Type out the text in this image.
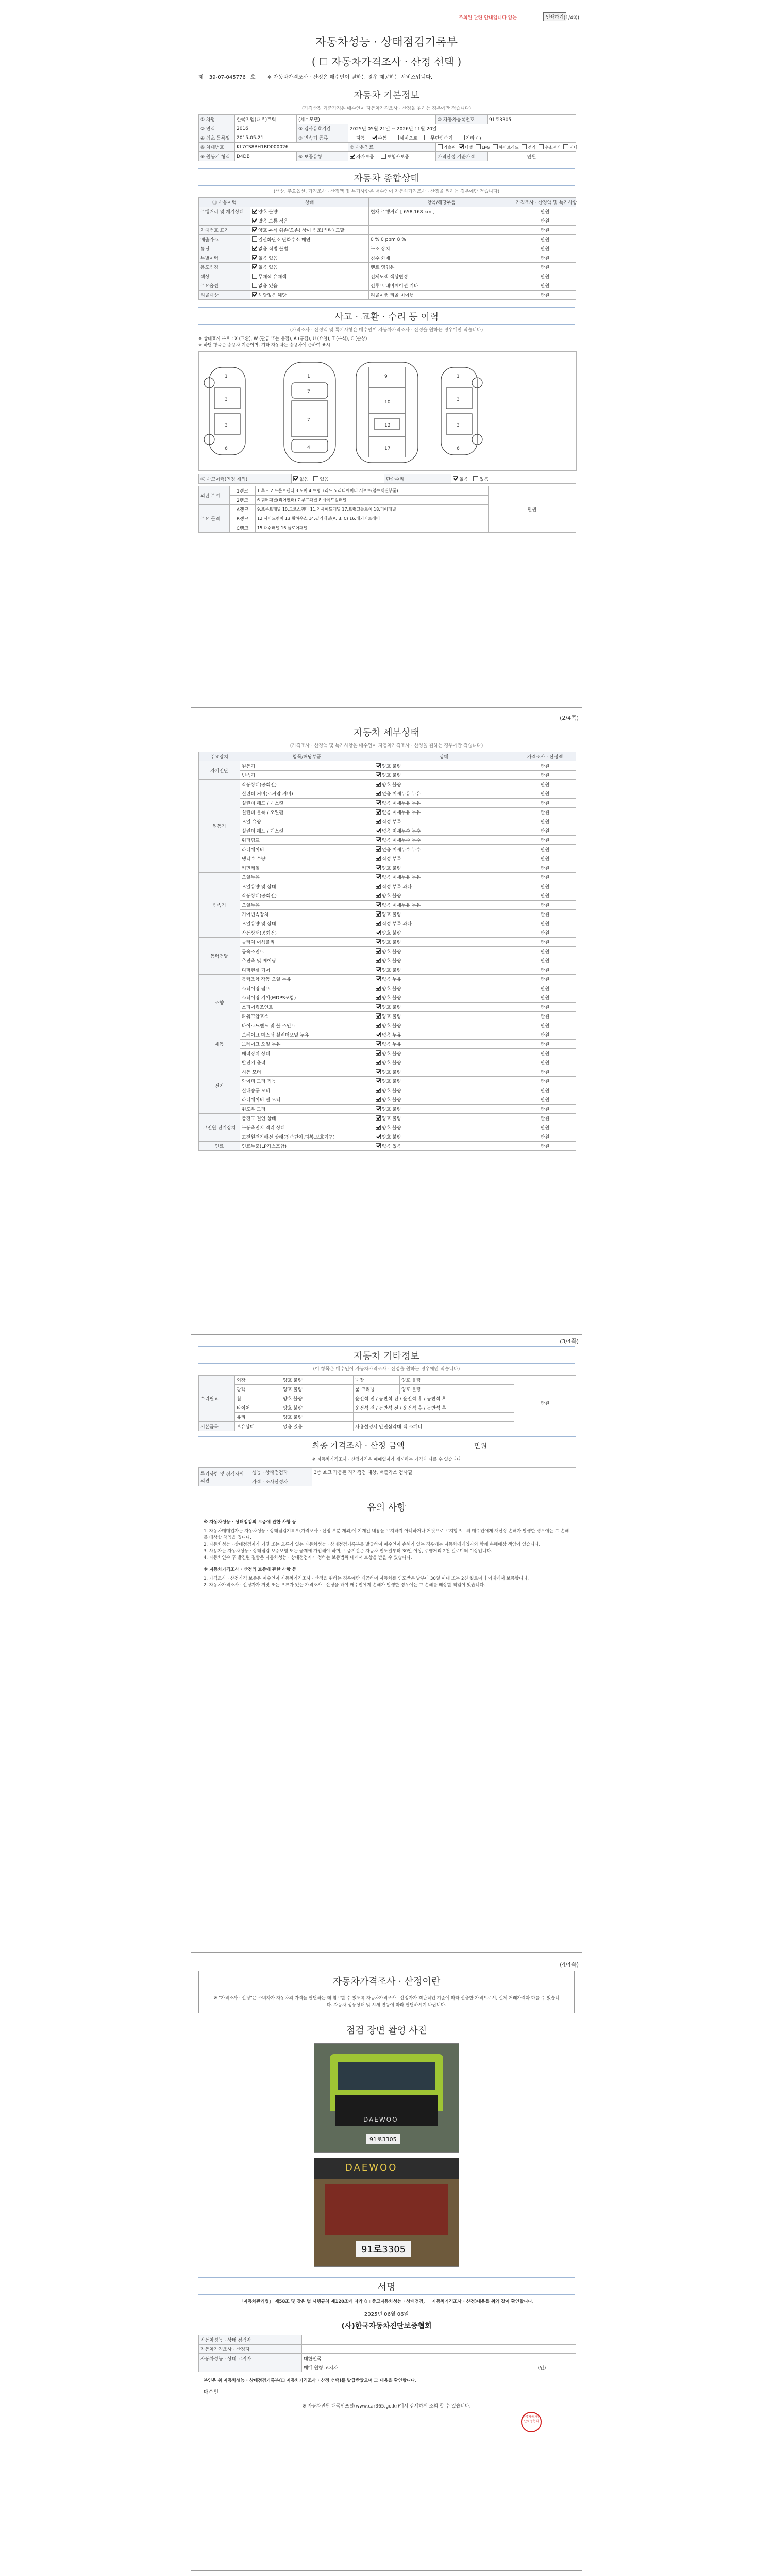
조회된 관련 안내입니다 없는	인쇄하기 (1/4쪽)
자동차성능 · 상태점검기록부
( ☐ 자동차가격조사 · 산정 선택 )
제 39-07-045776 호 ※ 자동차가격조사 · 산정은 매수인이 원하는 경우 제공하는 서비스입니다.
자동차 기본정보
(가격산정 기준가격은 매수인이 자동차가격조사 · 산정을 원하는 경우에만 적습니다)
① 차명	한국지엠(대우)트럭	(세부모델)		⑩ 자동차등록번호	91로3305
② 연식	2016	③ 검사유효기간	2025년 05월 21일 ~ 2026년 11월 20일		
④ 최초 등록일	2015-05-21	⑤ 변속기 종류	자동 수동 세미오토 무단변속기 기타 ( )		
⑥ 차대번호	KL7CS8BH1BD000026		⑦ 사용연료	가솔린 디젤 LPG 하이브리드 전기 수소전기 기타	
⑧ 원동기 형식	D4DB	⑨ 보증유형	자가보증 보험사보증	가격산정 기준가격	만원
자동차 종합상태
(색상, 주요옵션, 가격조사 · 산정액 및 특기사항은 매수인이 자동차가격조사 · 산정을 원하는 경우에만 적습니다)
⑪ 사용이력	상태	항목/해당부품	가격조사 · 산정액 및 특기사항
주행거리 및 계기상태	양호 불량	현재 주행거리 [ 658,168 km ]	만원
	많음 보통 적음		만원
차대번호 표기	양호 부식 훼손(오손) 상이 변조(변타) 도말		만원
배출가스	일산화탄소 탄화수소 매연	0 % 0 ppm 8 %	만원
튜닝	없음 적법 불법	구조 장치	만원
특별이력	없음 있음	침수 화재	만원
용도변경	없음 있음	렌트 영업용	만원
색상	무채색 유채색	전체도색 색상변경	만원
주요옵션	없음 있음	선루프 내비게이션 기타	만원
리콜대상	해당없음 해당	리콜이행 리콜 미이행	만원
사고 · 교환 · 수리 등 이력
(가격조사 · 산정액 및 특기사항은 매수인이 자동차가격조사 · 산정을 원하는 경우에만 적습니다)
※ 상태표시 부호 : X (교환), W (판금 또는 용접), A (흠집), U (요철), T (부식), C (손상)
※ 하단 항목은 승용차 기준이며, 기타 자동차는 승용차에 준하여 표시
1
3
3
6
1
7
7
4
9
10
12
17
1
3
3
6
⑫ 사고이력(인정 제외)	없음 있음	단순수리	없음 있음
외판 부위	1랭크	1.후드 2.프론트펜더 3.도어 4.트렁크리드 5.라디에이터 서포트(볼트체결부품)	만원
	2랭크	6.쿼터패널(리어펜더) 7.루프패널 8.사이드실패널	
주요 골격	A랭크	9.프론트패널 10.크로스멤버 11.인사이드패널 17.트렁크플로어 18.리어패널	
	B랭크	12.사이드멤버 13.휠하우스 14.필러패널(A, B, C) 16.패키지트레이	
	C랭크	15.대쉬패널 16.플로어패널	
(2/4쪽)
자동차 세부상태
(가격조사 · 산정액 및 특기사항은 매수인이 자동차가격조사 · 산정을 원하는 경우에만 적습니다)
주요장치	항목/해당부품	상태	가격조사 · 산정액
자기진단	원동기	양호 불량	만원
	변속기	양호 불량	만원
원동기	작동상태(공회전)	양호 불량	만원
	실린더 커버(로커암 커버)	없음 미세누유 누유	만원
	실린더 헤드 / 개스킷	없음 미세누유 누유	만원
	실린더 블록 / 오일팬	없음 미세누유 누유	만원
	오일 유량	적정 부족	만원
	실린더 헤드 / 개스킷	없음 미세누수 누수	만원
	워터펌프	없음 미세누수 누수	만원
	라디에이터	없음 미세누수 누수	만원
	냉각수 수량	적정 부족	만원
	커먼레일	양호 불량	만원
변속기	오일누유	없음 미세누유 누유	만원
	오일유량 및 상태	적정 부족 과다	만원
	작동상태(공회전)	양호 불량	만원
	오일누유	없음 미세누유 누유	만원
	기어변속장치	양호 불량	만원
	오일유량 및 상태	적정 부족 과다	만원
	작동상태(공회전)	양호 불량	만원
동력전달	클러치 어셈블리	양호 불량	만원
	등속조인트	양호 불량	만원
	추진축 및 베어링	양호 불량	만원
	디퍼렌셜 기어	양호 불량	만원
조향	동력조향 작동 오일 누유	없음 누유	만원
	스티어링 펌프	양호 불량	만원
	스티어링 기어(MDPS포함)	양호 불량	만원
	스티어링조인트	양호 불량	만원
	파워고압호스	양호 불량	만원
	타이로드엔드 및 볼 조인트	양호 불량	만원
제동	브레이크 마스터 실린더오일 누유	없음 누유	만원
	브레이크 오일 누유	없음 누유	만원
	배력장치 상태	양호 불량	만원
전기	발전기 출력	양호 불량	만원
	시동 모터	양호 불량	만원
	와이퍼 모터 기능	양호 불량	만원
	실내송풍 모터	양호 불량	만원
	라디에이터 팬 모터	양호 불량	만원
	윈도우 모터	양호 불량	만원
고전원 전기장치	충전구 절연 상태	양호 불량	만원
	구동축전지 격리 상태	양호 불량	만원
	고전원전기배선 상태(접속단자,피복,보호기구)	양호 불량	만원
연료	연료누출(LP가스포함)	없음 있음	만원
(3/4쪽)
자동차 기타정보
(이 항목은 매수인이 자동차가격조사 · 산정을 원하는 경우에만 적습니다)
수리필요	외장	양호 불량	내장	양호 불량	만원
	광택	양호 불량	룸 크리닝	양호 불량	
	휠	양호 불량	운전석 전 / 동반석 전 / 운전석 후 / 동반석 후		
	타이어	양호 불량	운전석 전 / 동반석 전 / 운전석 후 / 동반석 후		
	유리	양호 불량			
기본품목	보유상태	없음 있음	사용설명서 안전삼각대 잭 스패너		
최종 가격조사 · 산정 금액	만원
※ 자동차가격조사 · 산정가격은 매매업자가 제시하는 가격과 다를 수 있습니다
특기사항 및 점검자의 의견	성능 · 상태점검자	3종 쇼크 가동된 자가점검 대상, 배출가스 검사필
	가격 · 조사산정자	
유의 사항
※ 자동차성능 · 상태점검의 보증에 관한 사항 등
1. 자동차매매업자는 자동차성능 · 상태점검기록부(가격조사 · 산정 부분 제외)에 기재된 내용을 고지하지 아니하거나 거짓으로 고지함으로써 매수인에게 재산상 손해가 발생한 경우에는 그 손해를 배상할 책임을 집니다.
2. 자동차성능 · 상태점검자가 거짓 또는 오류가 있는 자동차성능 · 상태점검기록부를 발급하여 매수인이 손해가 있는 경우에는 자동차매매업자와 함께 손해배상 책임이 있습니다.
3. 사용자는 자동차성능 · 상태점검 보증보험 또는 공제에 가입해야 하며, 보증기간은 자동차 인도일부터 30일 이상, 주행거리 2천 킬로미터 이상입니다.
4. 자동차인수 후 발견된 결함은 자동차성능 · 상태점검자가 정하는 보증범위 내에서 보상을 받을 수 있습니다.
※ 자동차가격조사 · 산정의 보증에 관한 사항 등
1. 가격조사 · 산정가격 보증은 매수인이 자동차가격조사 · 산정을 원하는 경우에만 제공하며 자동차를 인도받은 날부터 30일 이내 또는 2천 킬로미터 이내에서 보증합니다.
2. 자동차가격조사 · 산정자가 거짓 또는 오류가 있는 가격조사 · 산정을 하여 매수인에게 손해가 발생한 경우에는 그 손해를 배상할 책임이 있습니다.
(4/4쪽)
자동차가격조사 · 산정이란
※ "가격조사 · 산정"은 소비자가 자동차의 가격을 판단하는 데 참고할 수 있도록 자동차가격조사 · 산정자가 객관적인 기준에 따라 산출한 가격으로서, 실제 거래가격과 다를 수 있습니다. 자동차 성능상태 및 시세 변동에 따라 판단하시기 바랍니다.
점검 장면 촬영 사진
DAEWOO
91로3305
DAEWOO
91로3305
서명
「자동차관리법」 제58조 및 같은 법 시행규칙 제120조에 따라 (□ 중고자동차성능 · 상태점검, □ 자동차가격조사 · 산정)내용을 위와 같이 확인합니다.
2025년 06월 06일
(사)한국자동차진단보증협회
자동차성능 · 상태 점검자		
자동차가격조사 · 산정자		
자동차성능 · 상태 고지자	대한민국	
	매매 원형 고지자	(인)
한국자동차진단보증협회
본인은 위 자동차성능 · 상태점검기록부(☐ 자동차가격조사 · 산정 선택)를 발급받았으며 그 내용을 확인합니다.
매수인
※ 자동차민원 대국민포털(www.car365.go.kr)에서 상세하게 조회 할 수 있습니다.
